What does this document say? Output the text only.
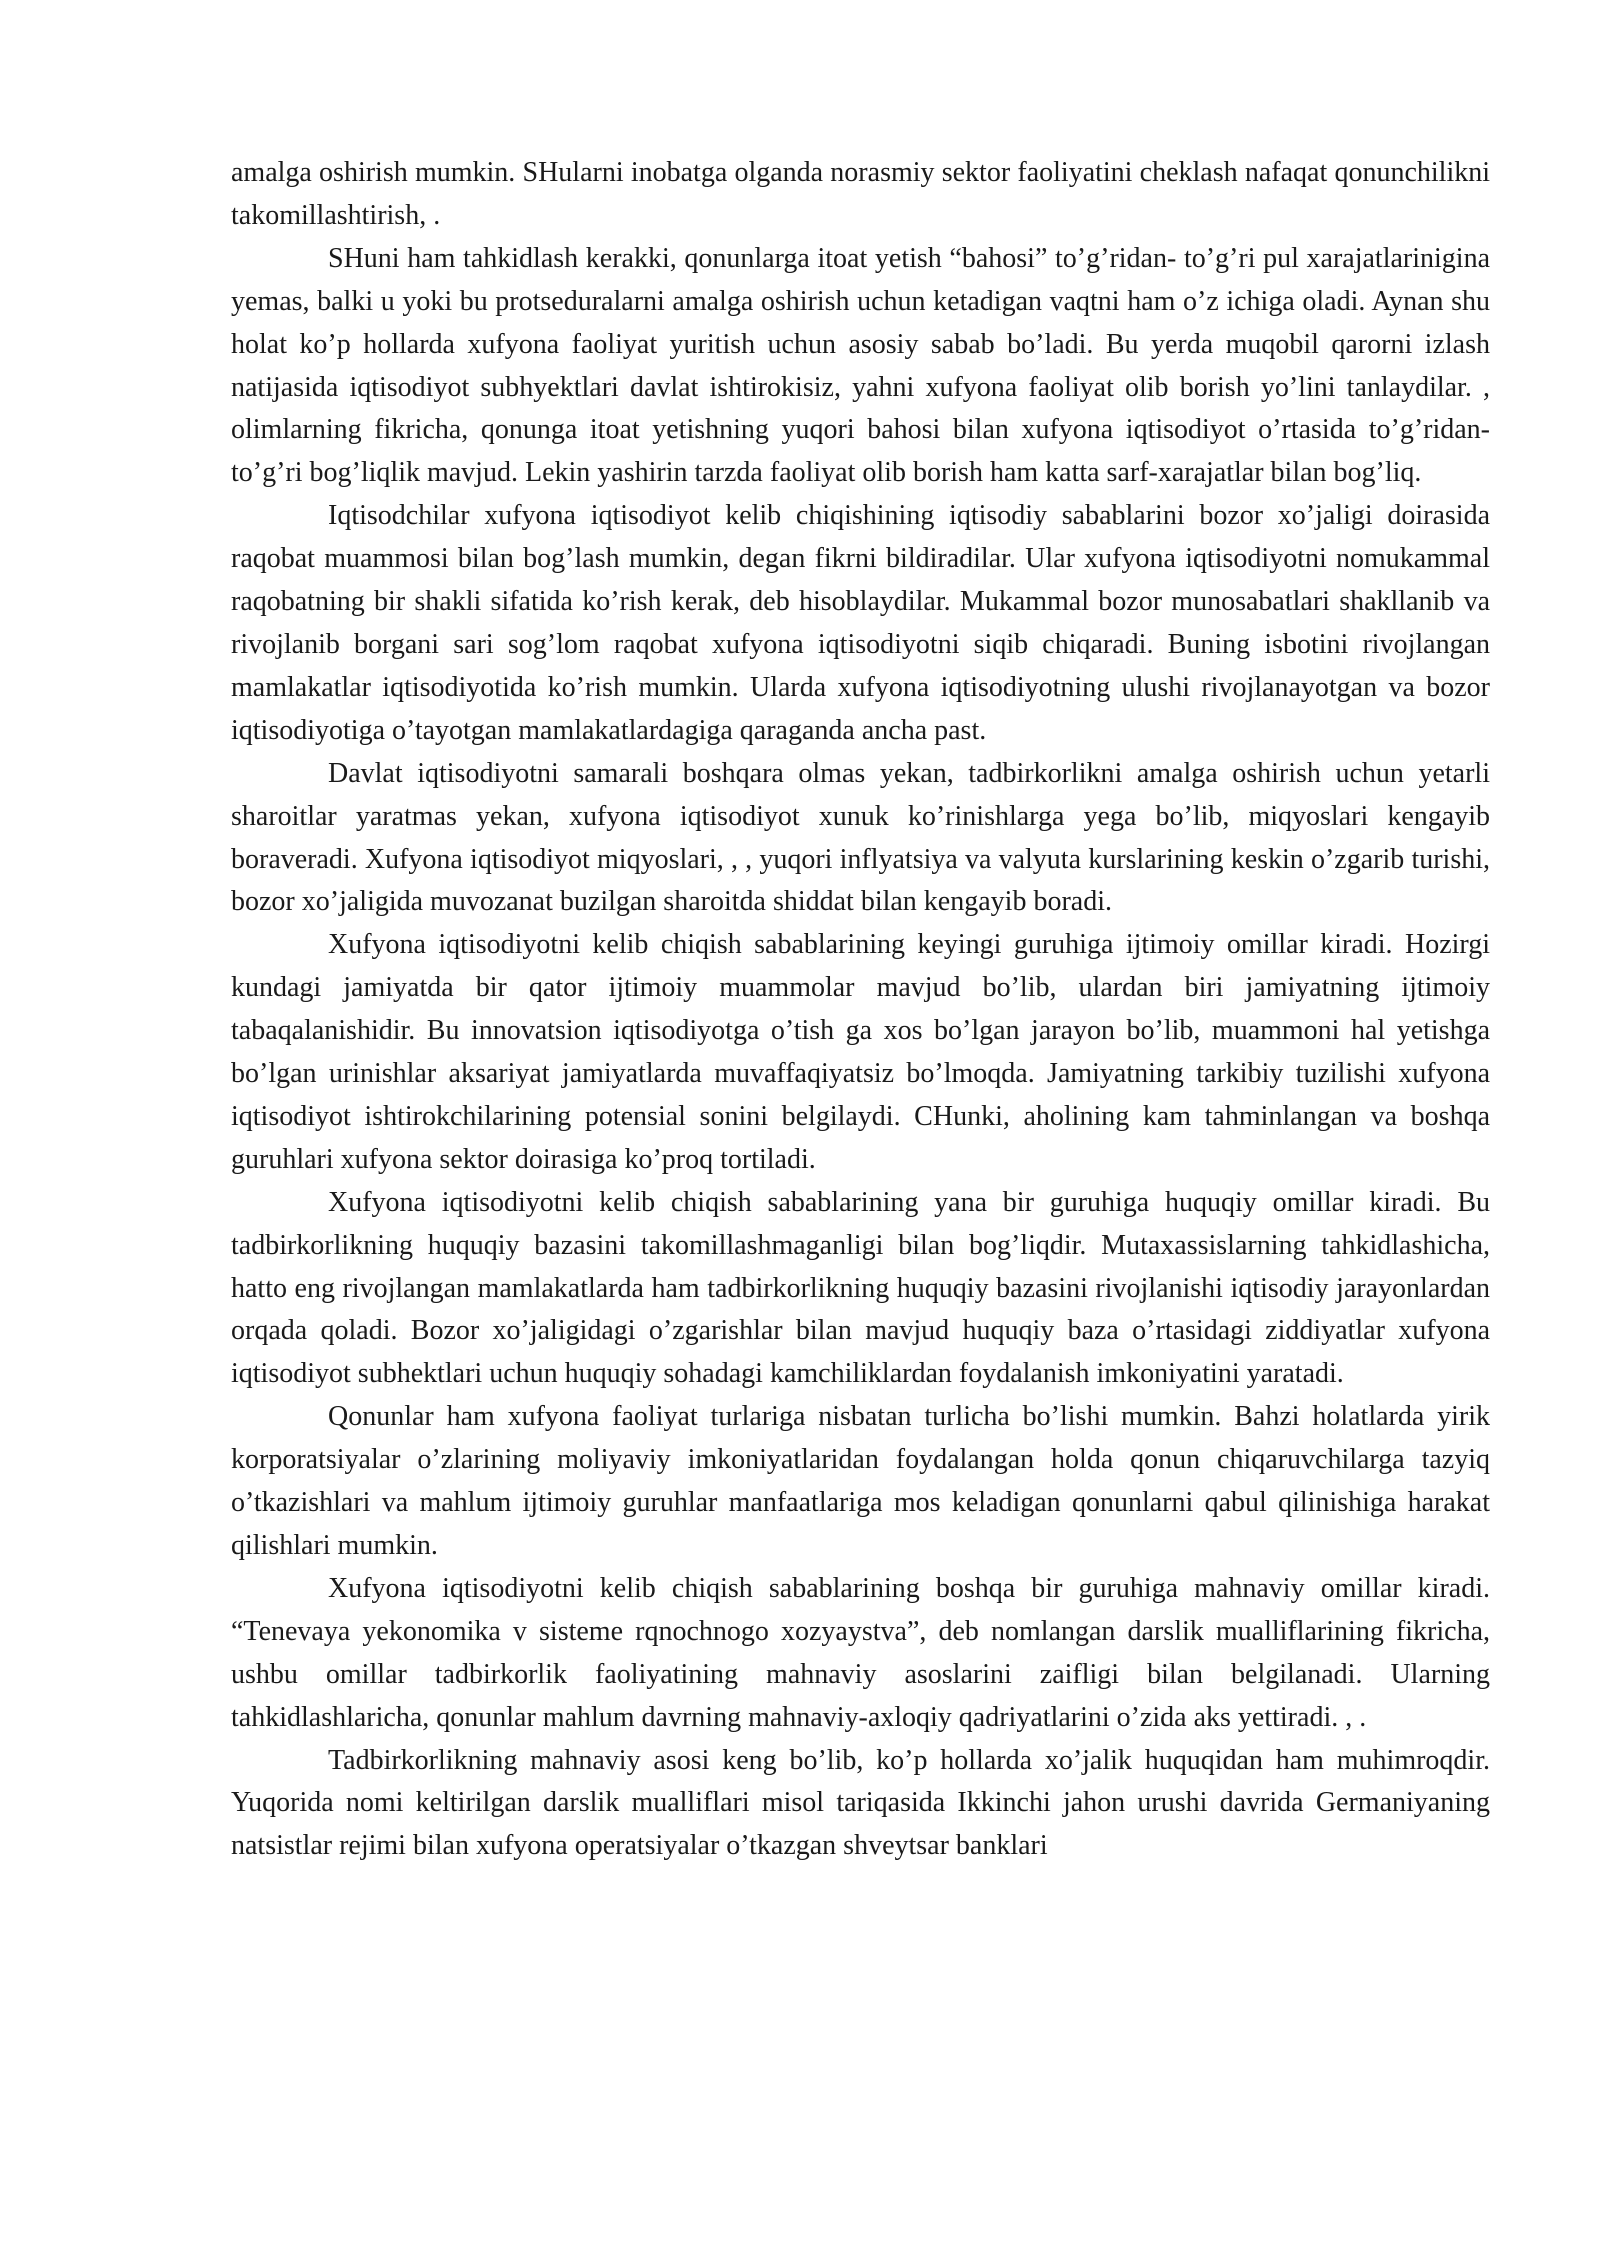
amalga oshirish mumkin. SHularni inobatga olganda norasmiy sektor faoliyatini cheklash nafaqat qonunchilikni takomillashtirish, .

SHuni ham tahkidlash kerakki, qonunlarga itoat yetish “bahosi” to’g’ridan- to’g’ri pul xarajatlarinigina yemas, balki u yoki bu protseduralarni amalga oshirish uchun ketadigan vaqtni ham o’z ichiga oladi. Aynan shu holat ko’p hollarda xufyona faoliyat yuritish uchun asosiy sabab bo’ladi. Bu yerda muqobil qarorni izlash natijasida iqtisodiyot subhyektlari davlat ishtirokisiz, yahni xufyona faoliyat olib borish yo’lini tanlaydilar. , olimlarning fikricha, qonunga itoat yetishning yuqori bahosi bilan xufyona iqtisodiyot o’rtasida to’g’ridan-to’g’ri bog’liqlik mavjud. Lekin yashirin tarzda faoliyat olib borish ham katta sarf-xarajatlar bilan bog’liq.

Iqtisodchilar xufyona iqtisodiyot kelib chiqishining iqtisodiy sabablarini bozor xo’jaligi doirasida raqobat muammosi bilan bog’lash mumkin, degan fikrni bildiradilar. Ular xufyona iqtisodiyotni nomukammal raqobatning bir shakli sifatida ko’rish kerak, deb hisoblaydilar. Mukammal bozor munosabatlari shakllanib va rivojlanib borgani sari sog’lom raqobat xufyona iqtisodiyotni siqib chiqaradi. Buning isbotini rivojlangan mamlakatlar iqtisodiyotida ko’rish mumkin. Ularda xufyona iqtisodiyotning ulushi rivojlanayotgan va bozor iqtisodiyotiga o’tayotgan mamlakatlardagiga qaraganda ancha past.

Davlat iqtisodiyotni samarali boshqara olmas yekan, tadbirkorlikni amalga oshirish uchun yetarli sharoitlar yaratmas yekan, xufyona iqtisodiyot xunuk ko’rinishlarga yega bo’lib, miqyoslari kengayib boraveradi. Xufyona iqtisodiyot miqyoslari, , , yuqori inflyatsiya va valyuta kurslarining keskin o’zgarib turishi, bozor xo’jaligida muvozanat buzilgan sharoitda shiddat bilan kengayib boradi.

Xufyona iqtisodiyotni kelib chiqish sabablarining keyingi guruhiga ijtimoiy omillar kiradi. Hozirgi kundagi jamiyatda bir qator ijtimoiy muammolar mavjud bo’lib, ulardan biri jamiyatning ijtimoiy tabaqalanishidir. Bu innovatsion iqtisodiyotga o’tish ga xos bo’lgan jarayon bo’lib, muammoni hal yetishga bo’lgan urinishlar aksariyat jamiyatlarda muvaffaqiyatsiz bo’lmoqda. Jamiyatning tarkibiy tuzilishi xufyona iqtisodiyot ishtirokchilarining potensial sonini belgilaydi. CHunki, aholining kam tahminlangan va boshqa guruhlari xufyona sektor doirasiga ko’proq tortiladi.

Xufyona iqtisodiyotni kelib chiqish sabablarining yana bir guruhiga huquqiy omillar kiradi. Bu tadbirkorlikning huquqiy bazasini takomillashmaganligi bilan bog’liqdir. Mutaxassislarning tahkidlashicha, hatto eng rivojlangan mamlakatlarda ham tadbirkorlikning huquqiy bazasini rivojlanishi iqtisodiy jarayonlardan orqada qoladi. Bozor xo’jaligidagi o’zgarishlar bilan mavjud huquqiy baza o’rtasidagi ziddiyatlar xufyona iqtisodiyot subhektlari uchun huquqiy sohadagi kamchiliklardan foydalanish imkoniyatini yaratadi.

Qonunlar ham xufyona faoliyat turlariga nisbatan turlicha bo’lishi mumkin. Bahzi holatlarda yirik korporatsiyalar o’zlarining moliyaviy imkoniyatlaridan foydalangan holda qonun chiqaruvchilarga tazyiq o’tkazishlari va mahlum ijtimoiy guruhlar manfaatlariga mos keladigan qonunlarni qabul qilinishiga harakat qilishlari mumkin.

Xufyona iqtisodiyotni kelib chiqish sabablarining boshqa bir guruhiga mahnaviy omillar kiradi. “Tenevaya yekonomika v sisteme rqnochnogo xozyaystva”, deb nomlangan darslik mualliflarining fikricha, ushbu omillar tadbirkorlik faoliyatining mahnaviy asoslarini zaifligi bilan belgilanadi. Ularning tahkidlashlaricha, qonunlar mahlum davrning mahnaviy-axloqiy qadriyatlarini o’zida aks yettiradi. , .

Tadbirkorlikning mahnaviy asosi keng bo’lib, ko’p hollarda xo’jalik huquqidan ham muhimroqdir. Yuqorida nomi keltirilgan darslik mualliflari misol tariqasida Ikkinchi jahon urushi davrida Germaniyaning natsistlar rejimi bilan xufyona operatsiyalar o’tkazgan shveytsar banklari
